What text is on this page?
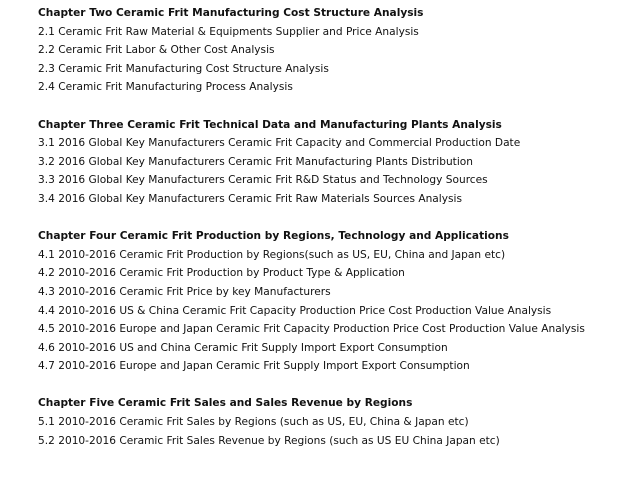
Chapter Two Ceramic Frit Manufacturing Cost Structure Analysis
2.1 Ceramic Frit Raw Material & Equipments Supplier and Price Analysis
2.2 Ceramic Frit Labor & Other Cost Analysis
2.3 Ceramic Frit Manufacturing Cost Structure Analysis
2.4 Ceramic Frit Manufacturing Process Analysis
Chapter Three Ceramic Frit Technical Data and Manufacturing Plants Analysis
3.1 2016 Global Key Manufacturers Ceramic Frit Capacity and Commercial Production Date
3.2 2016 Global Key Manufacturers Ceramic Frit Manufacturing Plants Distribution
3.3 2016 Global Key Manufacturers Ceramic Frit R&D Status and Technology Sources
3.4 2016 Global Key Manufacturers Ceramic Frit Raw Materials Sources Analysis
Chapter Four Ceramic Frit Production by Regions, Technology and Applications
4.1 2010-2016 Ceramic Frit Production by Regions(such as US, EU, China and Japan etc)
4.2 2010-2016 Ceramic Frit Production by Product Type & Application
4.3 2010-2016 Ceramic Frit Price by key Manufacturers
4.4 2010-2016 US & China Ceramic Frit Capacity Production Price Cost Production Value Analysis
4.5 2010-2016 Europe and Japan Ceramic Frit Capacity Production Price Cost Production Value Analysis
4.6 2010-2016 US and China Ceramic Frit Supply Import Export Consumption
4.7 2010-2016 Europe and Japan Ceramic Frit Supply Import Export Consumption
Chapter Five Ceramic Frit Sales and Sales Revenue by Regions
5.1 2010-2016 Ceramic Frit Sales by Regions (such as US, EU, China & Japan etc)
5.2 2010-2016 Ceramic Frit Sales Revenue by Regions (such as US EU China Japan etc)
